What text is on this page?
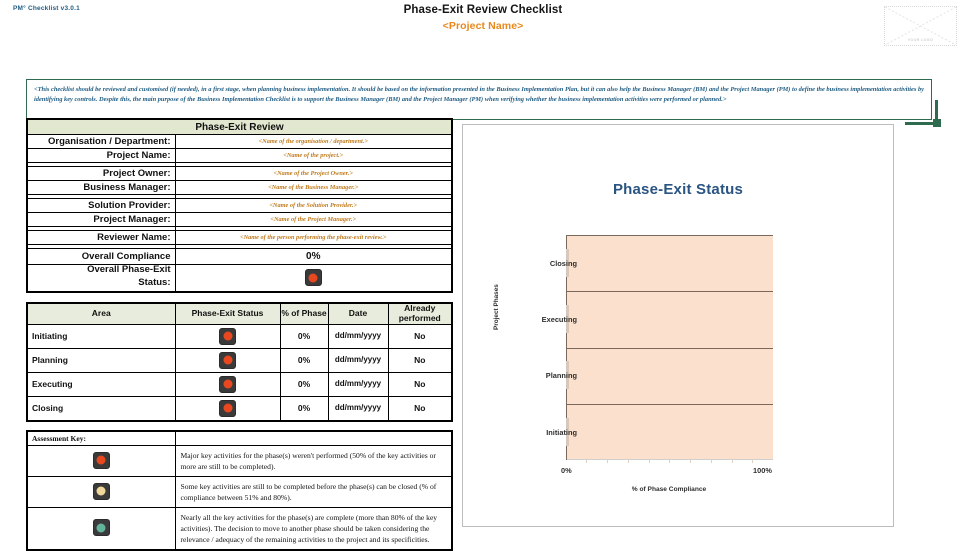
PM° Checklist v3.0.1	Phase-Exit Review Checklist
<Project Name>
YOUR LOGO

<This checklist should be reviewed and customised (if needed), in a first stage, when planning business implementation. It should be based on the information presented in the Business Implementation Plan, but it can also help the Business Manager (BM) and the Project Manager (PM) to define the business implementation activities by identifying key controls. Despite this, the main purpose of the Business Implementation Checklist is to support the Business Manager (BM) and the Project Manager (PM) when verifying whether the business implementation activities were performed or planned.>

Phase-Exit Review	
Organisation / Department:	<Name of the organisation / department.>
Project Name:	<Name of the project.>

Project Owner:	<Name of the Project Owner.>
Business Manager:	<Name of the Business Manager.>

Solution Provider:	<Name of the Solution Provider.>
Project Manager:	<Name of the Project Manager.>

Reviewer Name:	<Name of the person performing the phase-exit review.>

Overall Compliance	0%

Overall Phase-Exit
Status:	

Area	Phase-Exit Status	% of Phase	Date	Already performed
Initiating		0%	dd/mm/yyyy	No
Planning		0%	dd/mm/yyyy	No
Executing		0%	dd/mm/yyyy	No
Closing		0%	dd/mm/yyyy	No
Assessment Key:	

	Major key activities for the phase(s) weren't performed (50% of the key activities or more are still to be completed).

	Some key activities are still to be completed before the phase(s) can be closed (% of compliance between 51% and 80%).

	Nearly all the key activities for the phase(s) are complete (more than 80% of the key activities). The decision to move to another phase should be taken considering the relevance / adequacy of the remaining activities to the project and its specificities.
Phase-Exit Status
Closing
Executing
Planning
Initiating
Project Phases
0%	100%
% of Phase Compliance
